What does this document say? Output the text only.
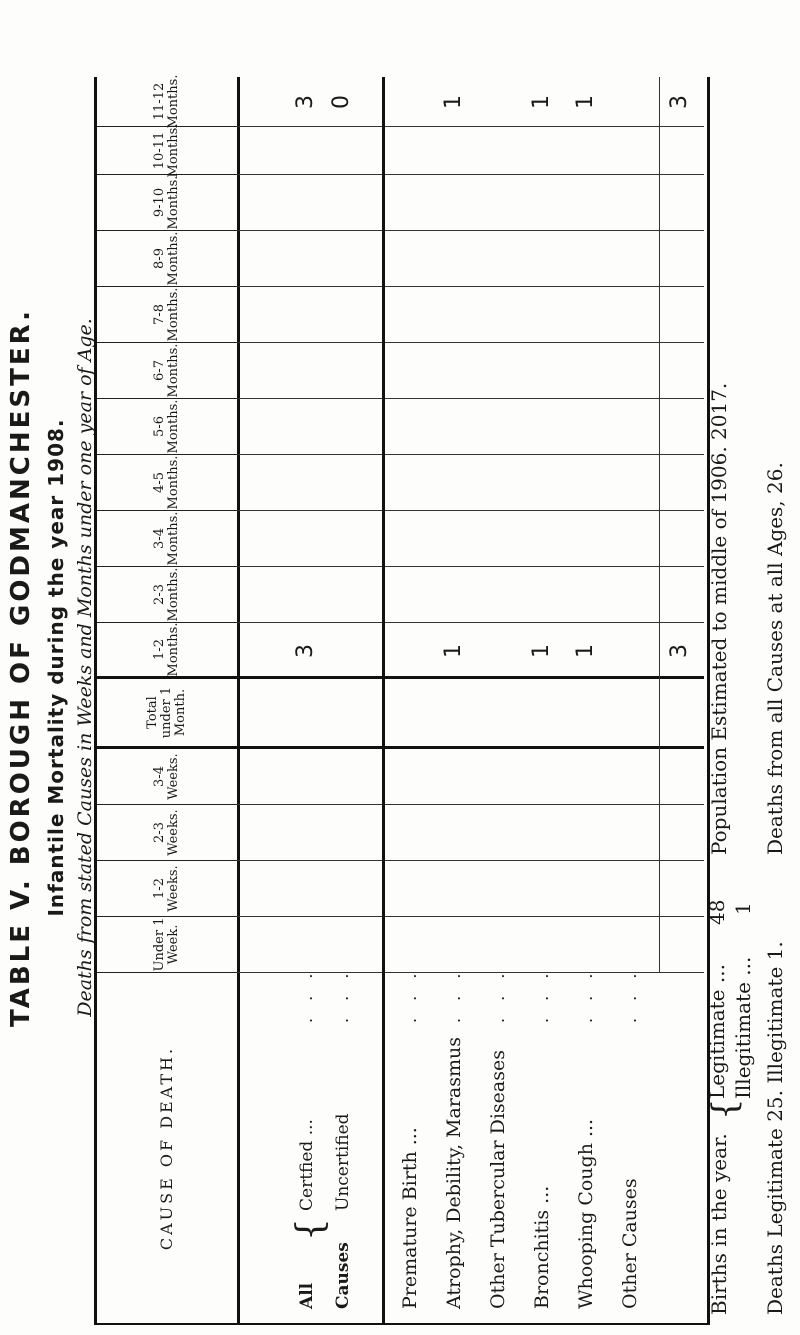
TABLE V. BOROUGH OF GODMANCHESTER. Infantile Mortality during the year 1908. Deaths from stated Causes in Weeks and Months under one year of Age.
CAUSE OF DEATH.
Under 1 Week.
1-2 Weeks.
2-3 Weeks.
3-4 Weeks.
Total under 1 Month.
1-2 Months.
2-3 Months.
3-4 Months.
4-5 Months.
5-6 Months.
6-7 Months.
7-8 Months.
8-9 Months.
9-10 Months.
10-11 Months.
11-12 Months.
All Causes
{
Certfied ... Uncertified
. . . . . .
3
3 0
Premature Birth ...
. . .
Atrophy, Debility, Marasmus
. . .
1
1
Other Tubercular Diseases
. . .
Bronchitis ...
. . .
1
1
Whooping Cough ...
. . .
1
1
Other Causes
. . .
3
3
Births in the year.
{
Legitimate ... Illegitimate ...
48 1
Population Estimated to middle of 1906. 2017.
Deaths Legitimate 25. Illegitimate 1.
Deaths from all Causes at all Ages, 26.
